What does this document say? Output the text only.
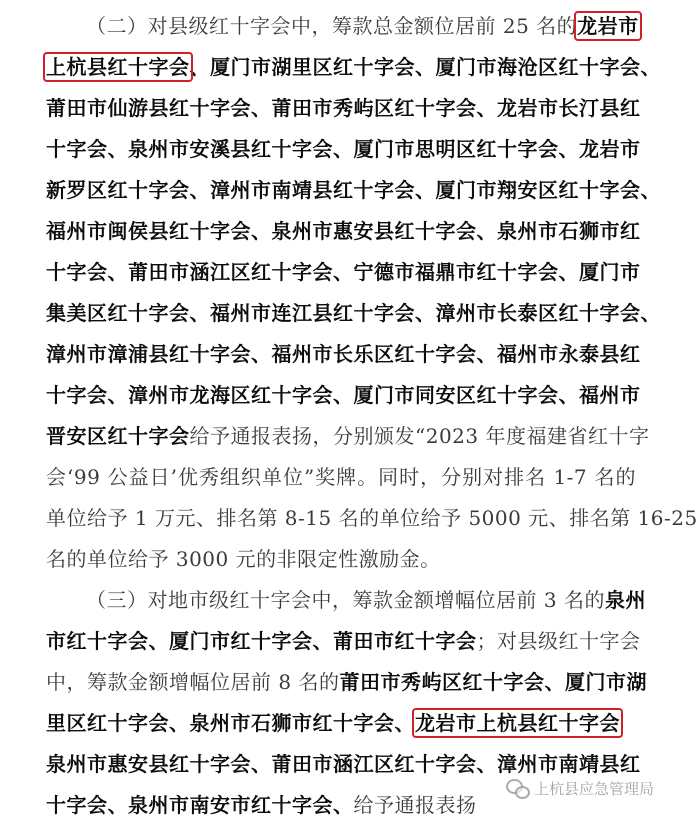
（二）对县级红十字会中，筹款总金额位居前 25 名的龙岩市
上杭县红十字会、厦门市湖里区红十字会、厦门市海沧区红十字会、
莆田市仙游县红十字会、莆田市秀屿区红十字会、龙岩市长汀县红
十字会、泉州市安溪县红十字会、厦门市思明区红十字会、龙岩市
新罗区红十字会、漳州市南靖县红十字会、厦门市翔安区红十字会、
福州市闽侯县红十字会、泉州市惠安县红十字会、泉州市石狮市红
十字会、莆田市涵江区红十字会、宁德市福鼎市红十字会、厦门市
集美区红十字会、福州市连江县红十字会、漳州市长泰区红十字会、
漳州市漳浦县红十字会、福州市长乐区红十字会、福州市永泰县红
十字会、漳州市龙海区红十字会、厦门市同安区红十字会、福州市
晋安区红十字会给予通报表扬，分别颁发“2023 年度福建省红十字
会‘99 公益日’优秀组织单位”奖牌。同时，分别对排名 1-7 名的
单位给予 1 万元、排名第 8-15 名的单位给予 5000 元、排名第 16-25
名的单位给予 3000 元的非限定性激励金。
（三）对地市级红十字会中，筹款金额增幅位居前 3 名的泉州
市红十字会、厦门市红十字会、莆田市红十字会；对县级红十字会
中，筹款金额增幅位居前 8 名的莆田市秀屿区红十字会、厦门市湖
里区红十字会、泉州市石狮市红十字会、龙岩市上杭县红十字会
泉州市惠安县红十字会、莆田市涵江区红十字会、漳州市南靖县红
十字会、泉州市南安市红十字会、给予通报表扬
上杭县应急管理局
